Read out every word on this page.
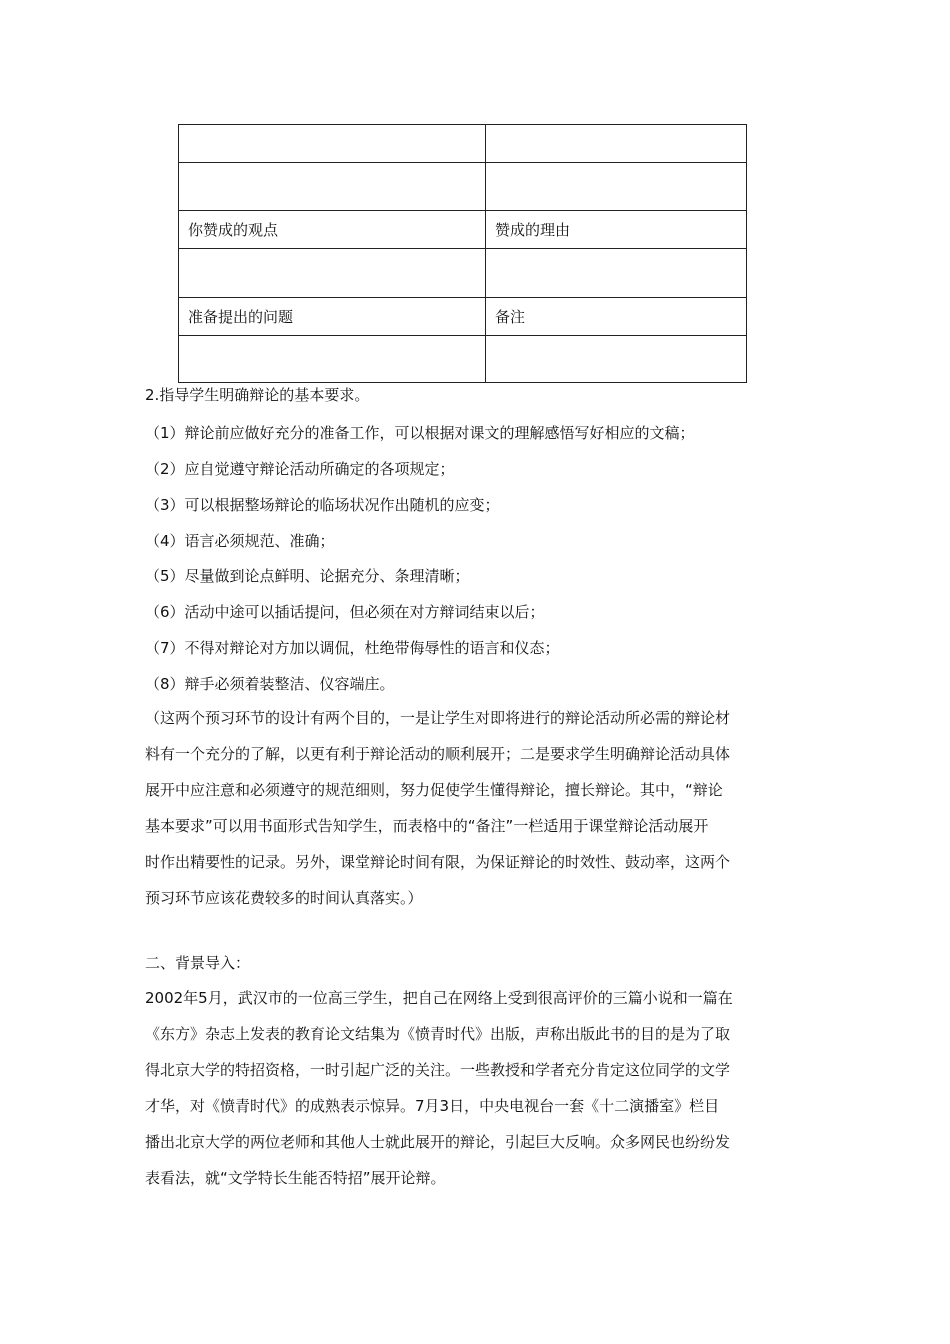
你赞成的观点	赞成的理由

准备提出的问题	备注

2.指导学生明确辩论的基本要求。
（1）辩论前应做好充分的准备工作，可以根据对课文的理解感悟写好相应的文稿；
（2）应自觉遵守辩论活动所确定的各项规定；
（3）可以根据整场辩论的临场状况作出随机的应变；
（4）语言必须规范、准确；
（5）尽量做到论点鲜明、论据充分、条理清晰；
（6）活动中途可以插话提问，但必须在对方辩词结束以后；
（7）不得对辩论对方加以调侃，杜绝带侮辱性的语言和仪态；
（8）辩手必须着装整洁、仪容端庄。
（这两个预习环节的设计有两个目的，一是让学生对即将进行的辩论活动所必需的辩论材
料有一个充分的了解，以更有利于辩论活动的顺利展开；二是要求学生明确辩论活动具体
展开中应注意和必须遵守的规范细则，努力促使学生懂得辩论，擅长辩论。其中，“辩论
基本要求”可以用书面形式告知学生，而表格中的“备注”一栏适用于课堂辩论活动展开
时作出精要性的记录。另外，课堂辩论时间有限，为保证辩论的时效性、鼓动率，这两个
预习环节应该花费较多的时间认真落实。）
二、背景导入：
2002年5月，武汉市的一位高三学生，把自己在网络上受到很高评价的三篇小说和一篇在
《东方》杂志上发表的教育论文结集为《愤青时代》出版，声称出版此书的目的是为了取
得北京大学的特招资格，一时引起广泛的关注。一些教授和学者充分肯定这位同学的文学
才华，对《愤青时代》的成熟表示惊异。7月3日，中央电视台一套《十二演播室》栏目
播出北京大学的两位老师和其他人士就此展开的辩论，引起巨大反响。众多网民也纷纷发
表看法，就“文学特长生能否特招”展开论辩。
